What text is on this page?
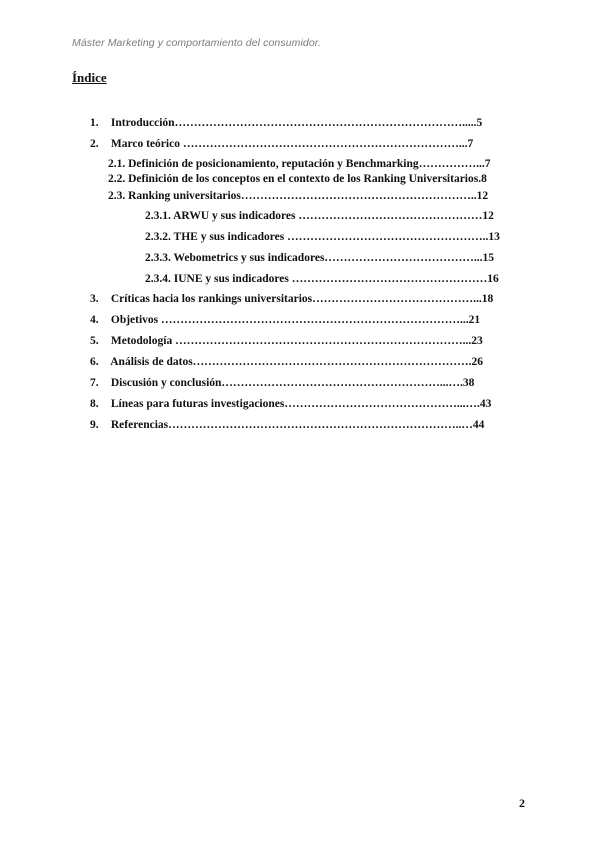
Máster Marketing y comportamiento del consumidor.
Índice
1. Introducción………………………………………………………………….....5
2. Marco teórico ………………………………………………………………...7
2.1. Definición de posicionamiento, reputación y Benchmarking……………...7
2.2. Definición de los conceptos en el contexto de los Ranking Universitarios.8
2.3. Ranking universitarios……………………………………………………..12
2.3.1. ARWU y sus indicadores …………………………………………12
2.3.2. THE y sus indicadores ……………………………………………..13
2.3.3. Webometrics y sus indicadores…………………………………...15
2.3.4. IUNE y sus indicadores ……………………………………………16
3. Críticas hacia los rankings universitarios……………………………………...18
4. Objetivos ……………………………………………………………………...21
5. Metodología …………………………………………………………………...23
6. Análisis de datos……………………………………………………………….26
7. Discusión y conclusión…………………………………………………...….38
8. Líneas para futuras investigaciones………………………………………...….43
9. Referencias…………………………………………………………………..…44
2
